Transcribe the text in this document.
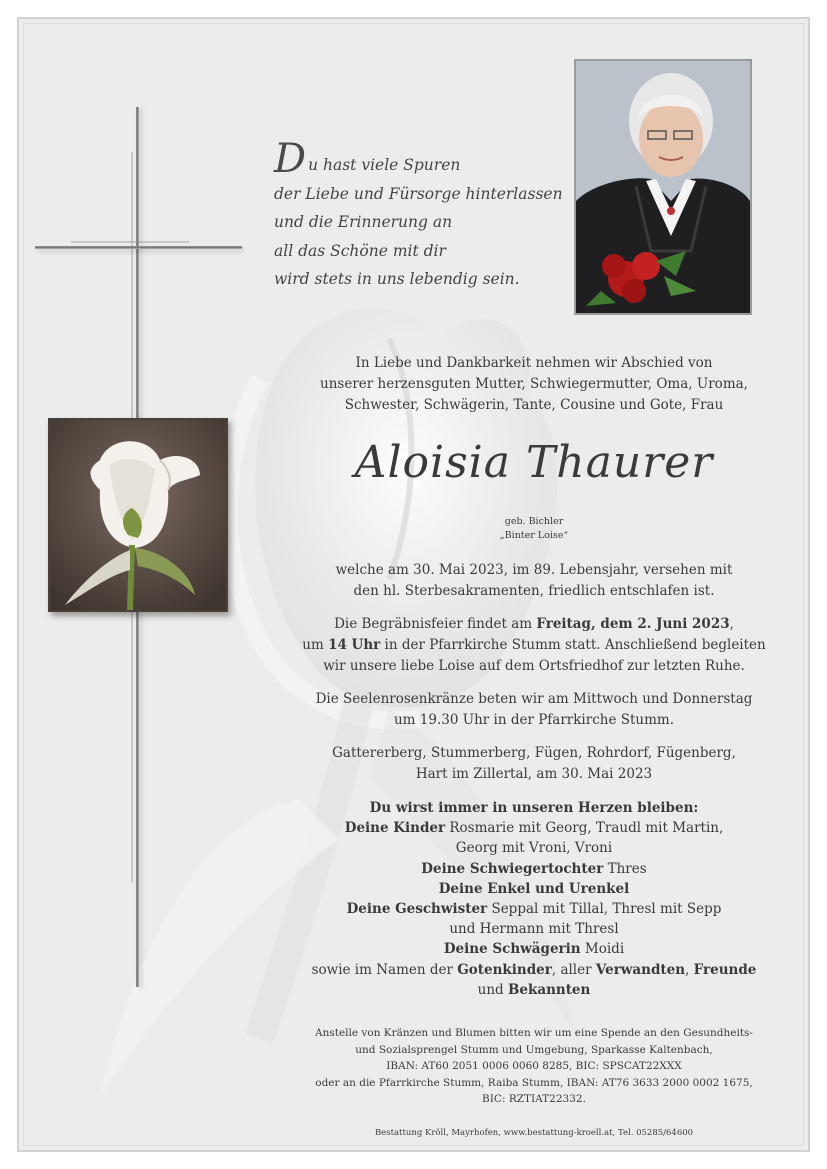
Du hast viele Spuren
der Liebe und Fürsorge hinterlassen
und die Erinnerung an
all das Schöne mit dir
wird stets in uns lebendig sein.
In Liebe und Dankbarkeit nehmen wir Abschied von
unserer herzensguten Mutter, Schwiegermutter, Oma, Uroma,
Schwester, Schwägerin, Tante, Cousine und Gote, Frau
Aloisia Thaurer
geb. Bichler
„Binter Loise“
welche am 30. Mai 2023, im 89. Lebensjahr, versehen mit
den hl. Sterbesakramenten, friedlich entschlafen ist.
Die Begräbnisfeier findet am Freitag, dem 2. Juni 2023,
um 14 Uhr in der Pfarrkirche Stumm statt. Anschließend begleiten
wir unsere liebe Loise auf dem Ortsfriedhof zur letzten Ruhe.
Die Seelenrosenkränze beten wir am Mittwoch und Donnerstag
um 19.30 Uhr in der Pfarrkirche Stumm.
Gattererberg, Stummerberg, Fügen, Rohrdorf, Fügenberg,
Hart im Zillertal, am 30. Mai 2023
Du wirst immer in unseren Herzen bleiben:
Deine Kinder Rosmarie mit Georg, Traudl mit Martin,
Georg mit Vroni, Vroni
Deine Schwiegertochter Thres
Deine Enkel und Urenkel
Deine Geschwister Seppal mit Tillal, Thresl mit Sepp
und Hermann mit Thresl
Deine Schwägerin Moidi
sowie im Namen der Gotenkinder, aller Verwandten, Freunde
und Bekannten
Anstelle von Kränzen und Blumen bitten wir um eine Spende an den Gesundheits-
und Sozialsprengel Stumm und Umgebung, Sparkasse Kaltenbach,
IBAN: AT60 2051 0006 0060 8285, BIC: SPSCAT22XXX
oder an die Pfarrkirche Stumm, Raiba Stumm, IBAN: AT76 3633 2000 0002 1675,
BIC: RZTIAT22332.
Bestattung Kröll, Mayrhofen, www.bestattung-kroell.at, Tel. 05285/64600
